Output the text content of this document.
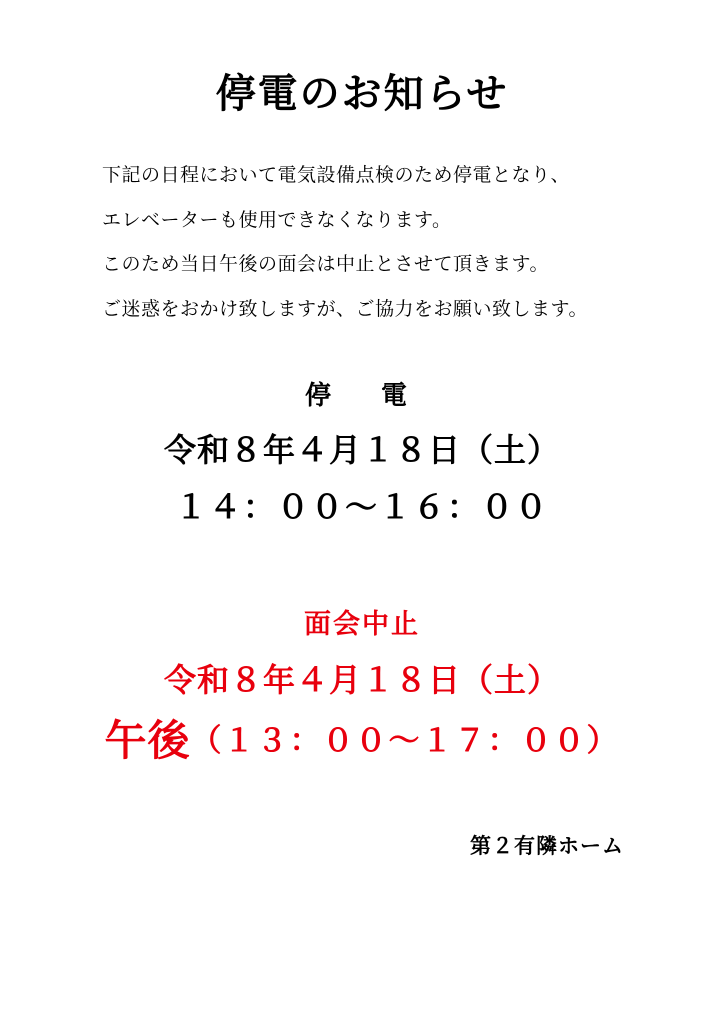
停電のお知らせ
下記の日程において電気設備点検のため停電となり、
エレベーターも使用できなくなります。
このため当日午後の面会は中止とさせて頂きます。
ご迷惑をおかけ致しますが、ご協力をお願い致します。
停　電
令和８年４月１８日（土）
１４：００〜１６：００
面会中止
令和８年４月１８日（土）
午後（１３：００〜１７：００）
第２有隣ホーム
